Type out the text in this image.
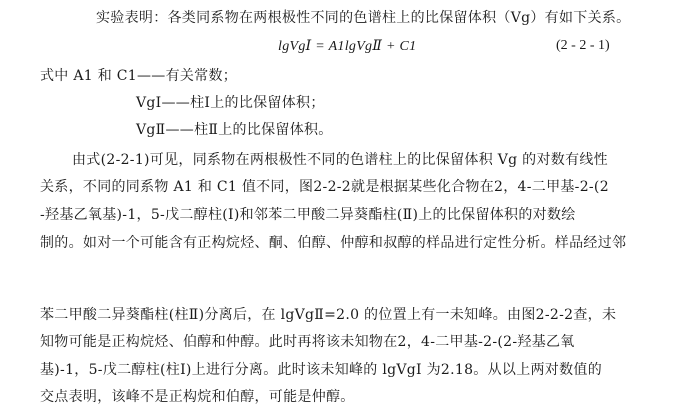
实验表明：各类同系物在两根极性不同的色谱柱上的比保留体积（Vg）有如下关系。
lgVgⅠ = A1lgVgⅡ + C1	(2 - 2 - 1)
式中 A1 和 C1——有关常数；
VgⅠ——柱Ⅰ上的比保留体积；
VgⅡ——柱Ⅱ上的比保留体积。
由式(2-2-1)可见，同系物在两根极性不同的色谱柱上的比保留体积 Vg 的对数有线性
关系，不同的同系物 A1 和 C1 值不同，图2-2-2就是根据某些化合物在2，4-二甲基-2-(2
-羟基乙氧基)-1，5-戊二醇柱(Ⅰ)和邻苯二甲酸二异葵酯柱(Ⅱ)上的比保留体积的对数绘
制的。如对一个可能含有正构烷烃、酮、伯醇、仲醇和叔醇的样品进行定性分析。样品经过邻
苯二甲酸二异葵酯柱(柱Ⅱ)分离后，在 lgVgⅡ=2.0 的位置上有一未知峰。由图2-2-2查，未
知物可能是正构烷烃、伯醇和仲醇。此时再将该未知物在2，4-二甲基-2-(2-羟基乙氧
基)-1，5-戊二醇柱(柱Ⅰ)上进行分离。此时该未知峰的 lgVgⅠ 为2.18。从以上两对数值的
交点表明，该峰不是正构烷和伯醇，可能是仲醇。
